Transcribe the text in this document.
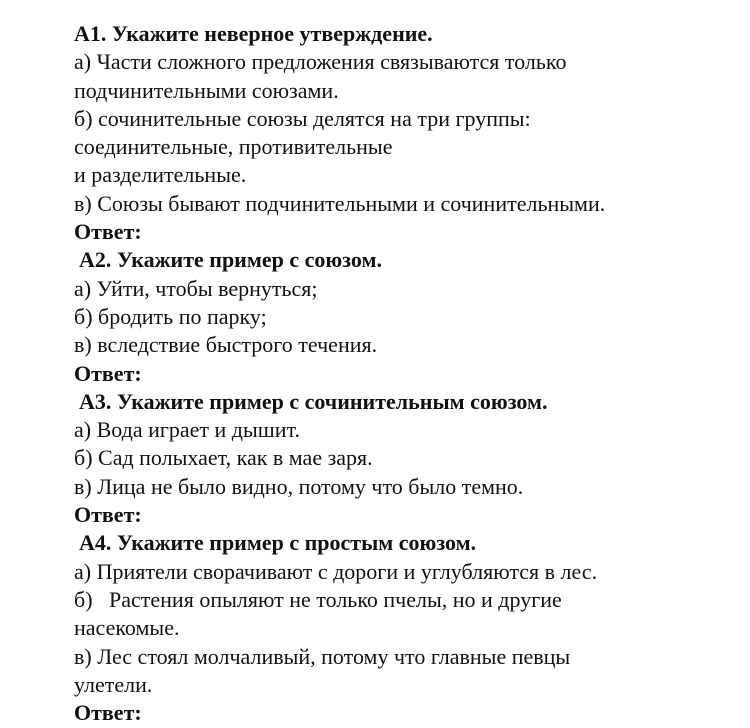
А1. Укажите неверное утверждение.

а) Части сложного предложения связываются только

подчинительными союзами.

б) сочинительные союзы делятся на три группы:

соединительные, противительные

и разделительные.

в) Союзы бывают подчинительными и сочинительными.

Ответ:

А2. Укажите пример с союзом.

а) Уйти, чтобы вернуться;

б) бродить по парку;

в) вследствие быстрого течения.

Ответ:

А3. Укажите пример с сочинительным союзом.

а) Вода играет и дышит.

б) Сад полыхает, как в мае заря.

в) Лица не было видно, потому что было темно.

Ответ:

А4. Укажите пример с простым союзом.

а) Приятели сворачивают с дороги и углубляются в лес.

б)   Растения опыляют не только пчелы, но и другие

насекомые.

в) Лес стоял молчаливый, потому что главные певцы

улетели.

Ответ:
